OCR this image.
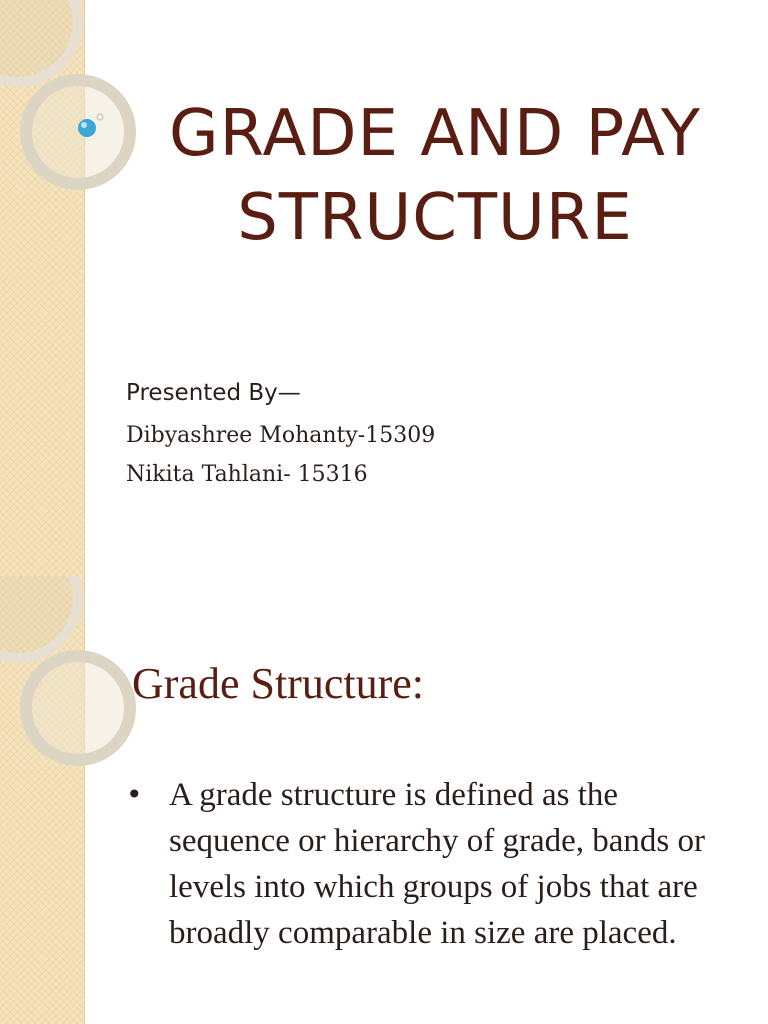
GRADE AND PAY
STRUCTURE
Presented By—
Dibyashree Mohanty-15309
Nikita Tahlani- 15316
Grade Structure:
• A grade structure is defined as the sequence or hierarchy of grade, bands or levels into which groups of jobs that are broadly comparable in size are placed.
